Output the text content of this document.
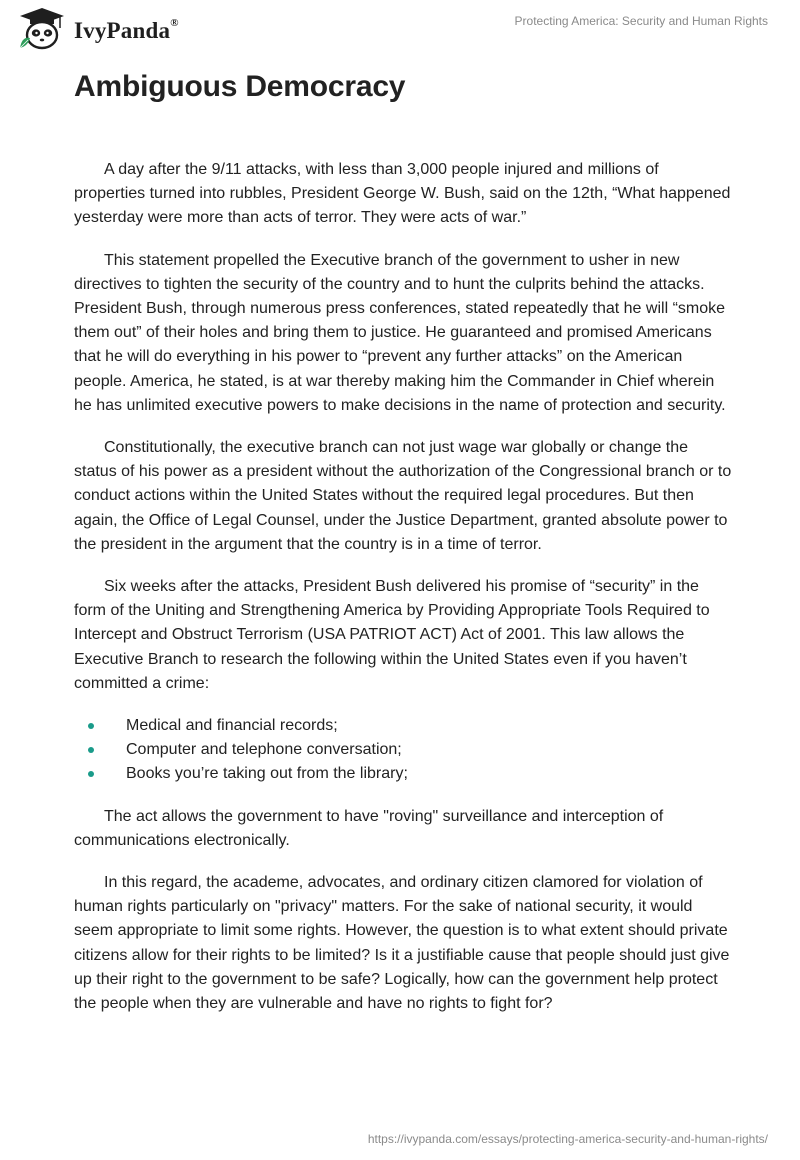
IvyPanda®	Protecting America: Security and Human Rights
Ambiguous Democracy

A day after the 9/11 attacks, with less than 3,000 people injured and millions of properties turned into rubbles, President George W. Bush, said on the 12th, “What happened yesterday were more than acts of terror. They were acts of war.”

This statement propelled the Executive branch of the government to usher in new directives to tighten the security of the country and to hunt the culprits behind the attacks. President Bush, through numerous press conferences, stated repeatedly that he will “smoke them out” of their holes and bring them to justice. He guaranteed and promised Americans that he will do everything in his power to “prevent any further attacks” on the American people. America, he stated, is at war thereby making him the Commander in Chief wherein he has unlimited executive powers to make decisions in the name of protection and security.

Constitutionally, the executive branch can not just wage war globally or change the status of his power as a president without the authorization of the Congressional branch or to conduct actions within the United States without the required legal procedures. But then again, the Office of Legal Counsel, under the Justice Department, granted absolute power to the president in the argument that the country is in a time of terror.

Six weeks after the attacks, President Bush delivered his promise of “security” in the form of the Uniting and Strengthening America by Providing Appropriate Tools Required to Intercept and Obstruct Terrorism (USA PATRIOT ACT) Act of 2001. This law allows the Executive Branch to research the following within the United States even if you haven’t committed a crime:

Medical and financial records;
Computer and telephone conversation;
Books you’re taking out from the library;

The act allows the government to have "roving" surveillance and interception of communications electronically.

In this regard, the academe, advocates, and ordinary citizen clamored for violation of human rights particularly on "privacy" matters. For the sake of national security, it would seem appropriate to limit some rights. However, the question is to what extent should private citizens allow for their rights to be limited? Is it a justifiable cause that people should just give up their right to the government to be safe? Logically, how can the government help protect the people when they are vulnerable and have no rights to fight for?

https://ivypanda.com/essays/protecting-america-security-and-human-rights/
